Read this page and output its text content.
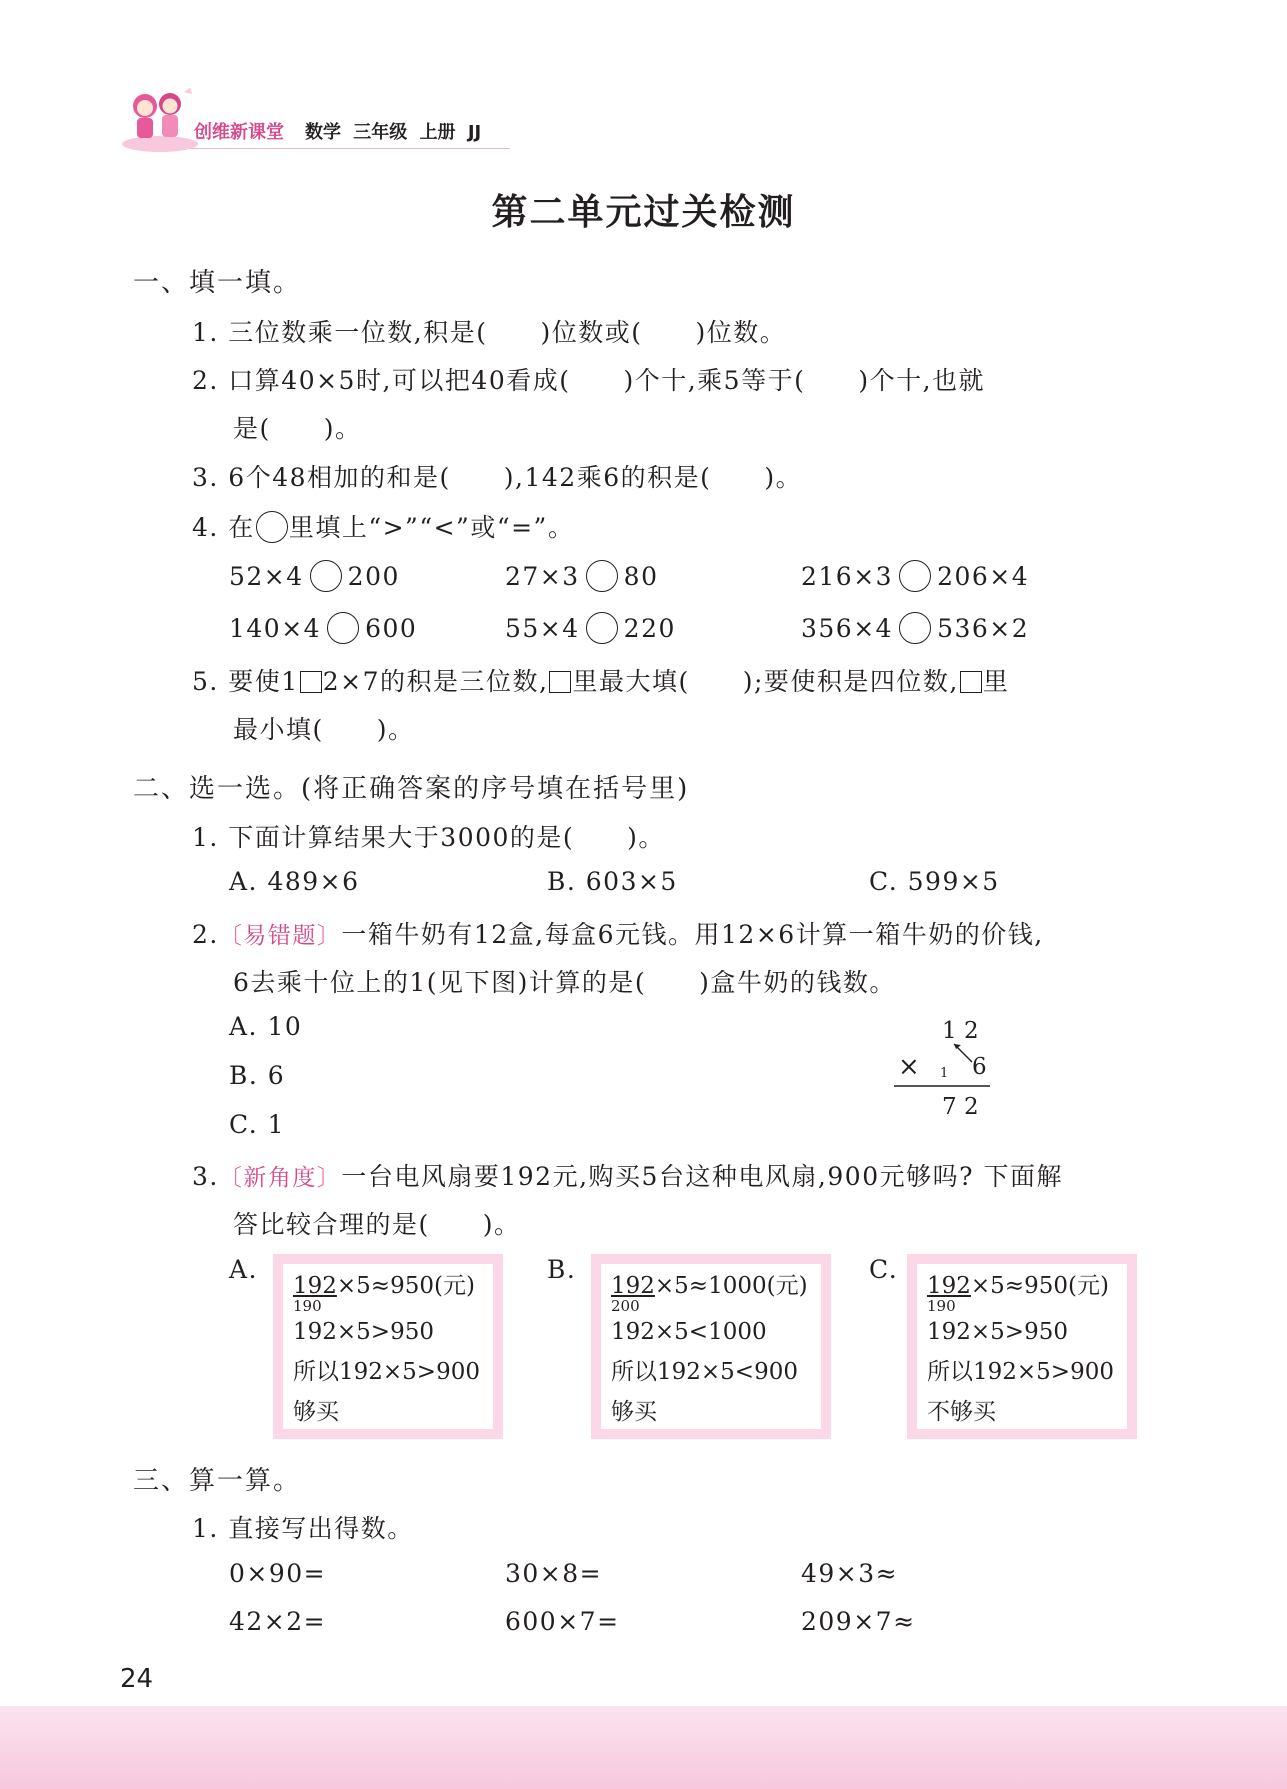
创维新课堂 数学 三年级 上册 JJ
第二单元过关检测
一、填一填。
1. 三位数乘一位数,积是(　　)位数或(　　)位数。
2. 口算40×5时,可以把40看成(　　)个十,乘5等于(　　)个十,也就
是(　　)。
3. 6个48相加的和是(　　),142乘6的积是(　　)。
4. 在 里填上“>”“<”或“=”。
52×4 200	27×3 80	216×3 206×4
140×4 600	55×4 220	356×4 536×2
5. 要使1 2×7的积是三位数, 里最大填(　　);要使积是四位数, 里
最小填(　　)。
二、选一选。(将正确答案的序号填在括号里)
1. 下面计算结果大于3000的是(　　)。
A. 489×6	B. 603×5	C. 599×5
2.〔易错题〕一箱牛奶有12盒,每盒6元钱。用12×6计算一箱牛奶的价钱,
6去乘十位上的1(见下图)计算的是(　　)盒牛奶的钱数。
A. 10
B. 6
C. 1
1 2
× 1 6
7 2
3.〔新角度〕一台电风扇要192元,购买5台这种电风扇,900元够吗? 下面解
答比较合理的是(　　)。
A.
192×5≈950(元)
190
192×5>950
所以192×5>900
够买
B.
192×5≈1000(元)
200
192×5<1000
所以192×5<900
够买
C.
192×5≈950(元)
190
192×5>950
所以192×5>900
不够买
三、算一算。
1. 直接写出得数。
0×90=	30×8=	49×3≈
42×2=	600×7=	209×7≈
24
